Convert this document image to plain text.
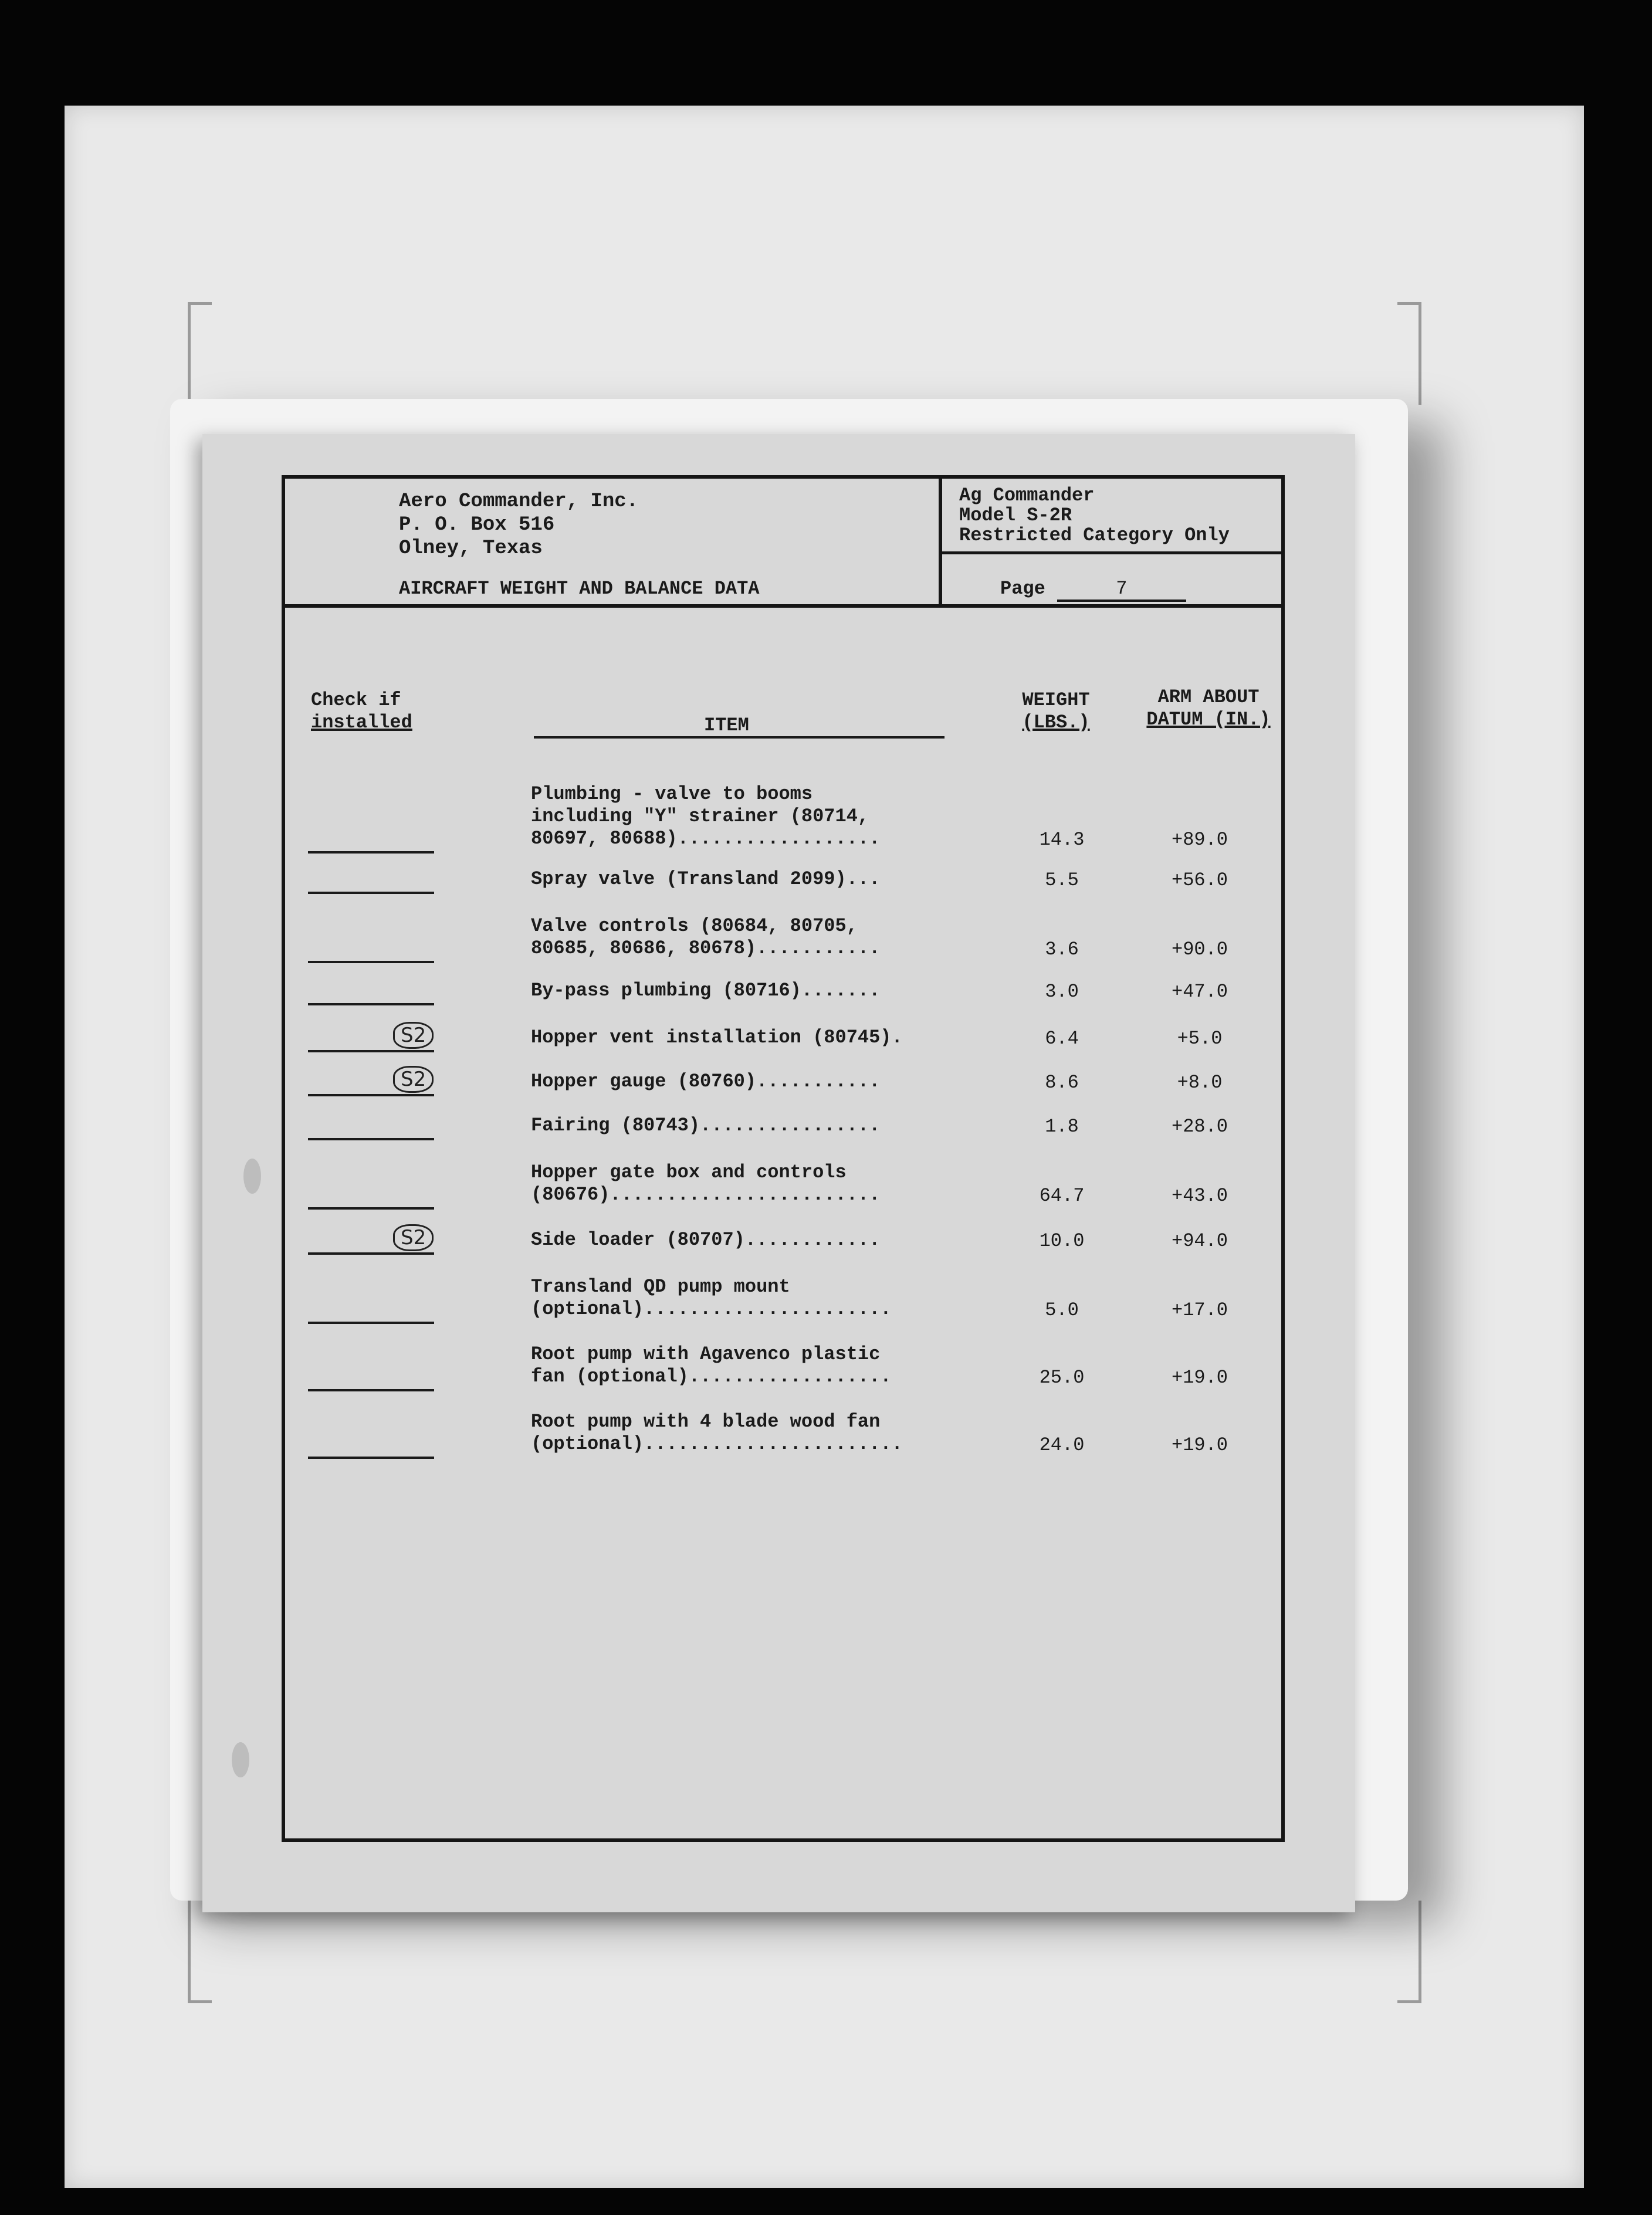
Aero Commander, Inc.
P. O. Box 516
Olney, Texas
AIRCRAFT WEIGHT AND BALANCE DATA
Ag Commander
Model S-2R
Restricted Category Only
Page	7
Check if
installed	ITEM
WEIGHT
(LBS.)
ARM ABOUT
DATUM (IN.)
Plumbing - valve to booms
including "Y" strainer (80714,
80697, 80688)..................	14.3	+89.0
Spray valve (Transland 2099)...	5.5	+56.0
Valve controls (80684, 80705,
80685, 80686, 80678)...........	3.6	+90.0
By-pass plumbing (80716).......	3.0	+47.0
S2	Hopper vent installation (80745).	6.4	+5.0
S2	Hopper gauge (80760)...........	8.6	+8.0
Fairing (80743)................	1.8	+28.0
Hopper gate box and controls
(80676)........................	64.7	+43.0
S2	Side loader (80707)............	10.0	+94.0
Transland QD pump mount
(optional)......................	5.0	+17.0
Root pump with Agavenco plastic
fan (optional)..................	25.0	+19.0
Root pump with 4 blade wood fan
(optional).......................	24.0	+19.0
